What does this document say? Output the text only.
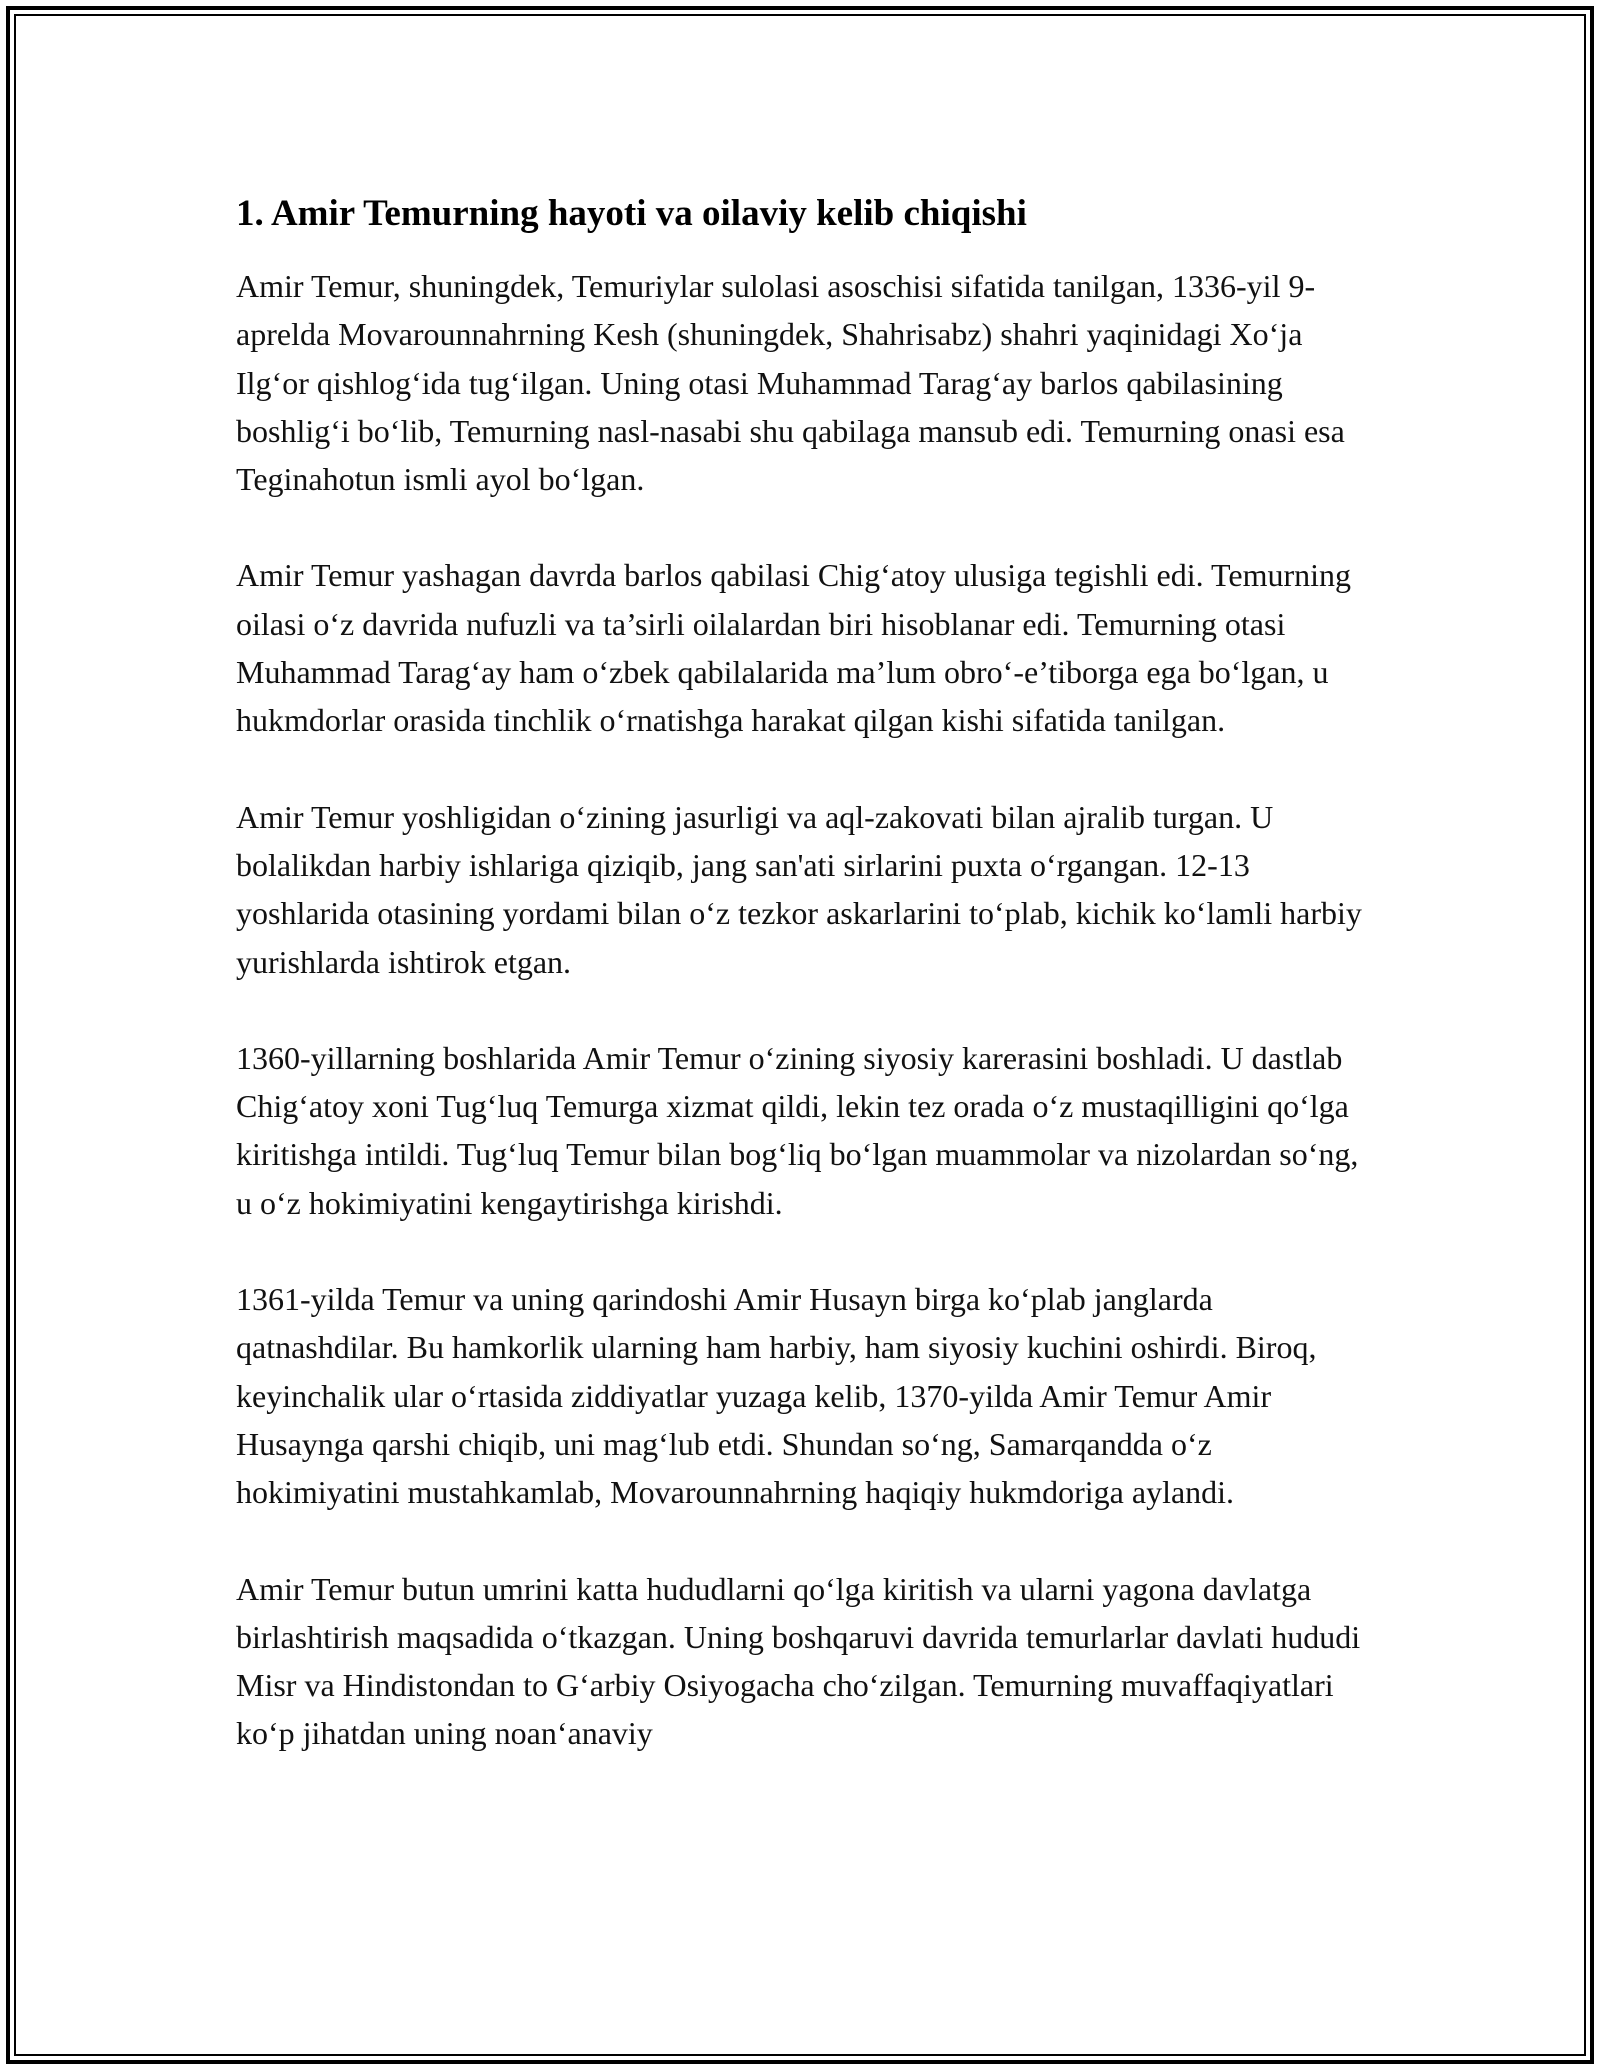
1. Amir Temurning hayoti va oilaviy kelib chiqishi

Amir Temur, shuningdek, Temuriylar sulolasi asoschisi sifatida tanilgan, 1336-yil 9-aprelda Movarounnahrning Kesh (shuningdek, Shahrisabz) shahri yaqinidagi Xo‘ja Ilg‘or qishlog‘ida tug‘ilgan. Uning otasi Muhammad Tarag‘ay barlos qabilasining boshlig‘i bo‘lib, Temurning nasl-nasabi shu qabilaga mansub edi. Temurning onasi esa Teginahotun ismli ayol bo‘lgan.

Amir Temur yashagan davrda barlos qabilasi Chig‘atoy ulusiga tegishli edi. Temurning oilasi o‘z davrida nufuzli va ta’sirli oilalardan biri hisoblanar edi. Temurning otasi Muhammad Tarag‘ay ham o‘zbek qabilalarida ma’lum obro‘-e’tiborga ega bo‘lgan, u hukmdorlar orasida tinchlik o‘rnatishga harakat qilgan kishi sifatida tanilgan.

Amir Temur yoshligidan o‘zining jasurligi va aql-zakovati bilan ajralib turgan. U bolalikdan harbiy ishlariga qiziqib, jang san'ati sirlarini puxta o‘rgangan. 12-13 yoshlarida otasining yordami bilan o‘z tezkor askarlarini to‘plab, kichik ko‘lamli harbiy yurishlarda ishtirok etgan.

1360-yillarning boshlarida Amir Temur o‘zining siyosiy karerasini boshladi. U dastlab Chig‘atoy xoni Tug‘luq Temurga xizmat qildi, lekin tez orada o‘z mustaqilligini qo‘lga kiritishga intildi. Tug‘luq Temur bilan bog‘liq bo‘lgan muammolar va nizolardan so‘ng, u o‘z hokimiyatini kengaytirishga kirishdi.

1361-yilda Temur va uning qarindoshi Amir Husayn birga ko‘plab janglarda qatnashdilar. Bu hamkorlik ularning ham harbiy, ham siyosiy kuchini oshirdi. Biroq, keyinchalik ular o‘rtasida ziddiyatlar yuzaga kelib, 1370-yilda Amir Temur Amir Husaynga qarshi chiqib, uni mag‘lub etdi. Shundan so‘ng, Samarqandda o‘z hokimiyatini mustahkamlab, Movarounnahrning haqiqiy hukmdoriga aylandi.

Amir Temur butun umrini katta hududlarni qo‘lga kiritish va ularni yagona davlatga birlashtirish maqsadida o‘tkazgan. Uning boshqaruvi davrida temurlarlar davlati hududi Misr va Hindistondan to G‘arbiy Osiyogacha cho‘zilgan. Temurning muvaffaqiyatlari ko‘p jihatdan uning noan‘anaviy
